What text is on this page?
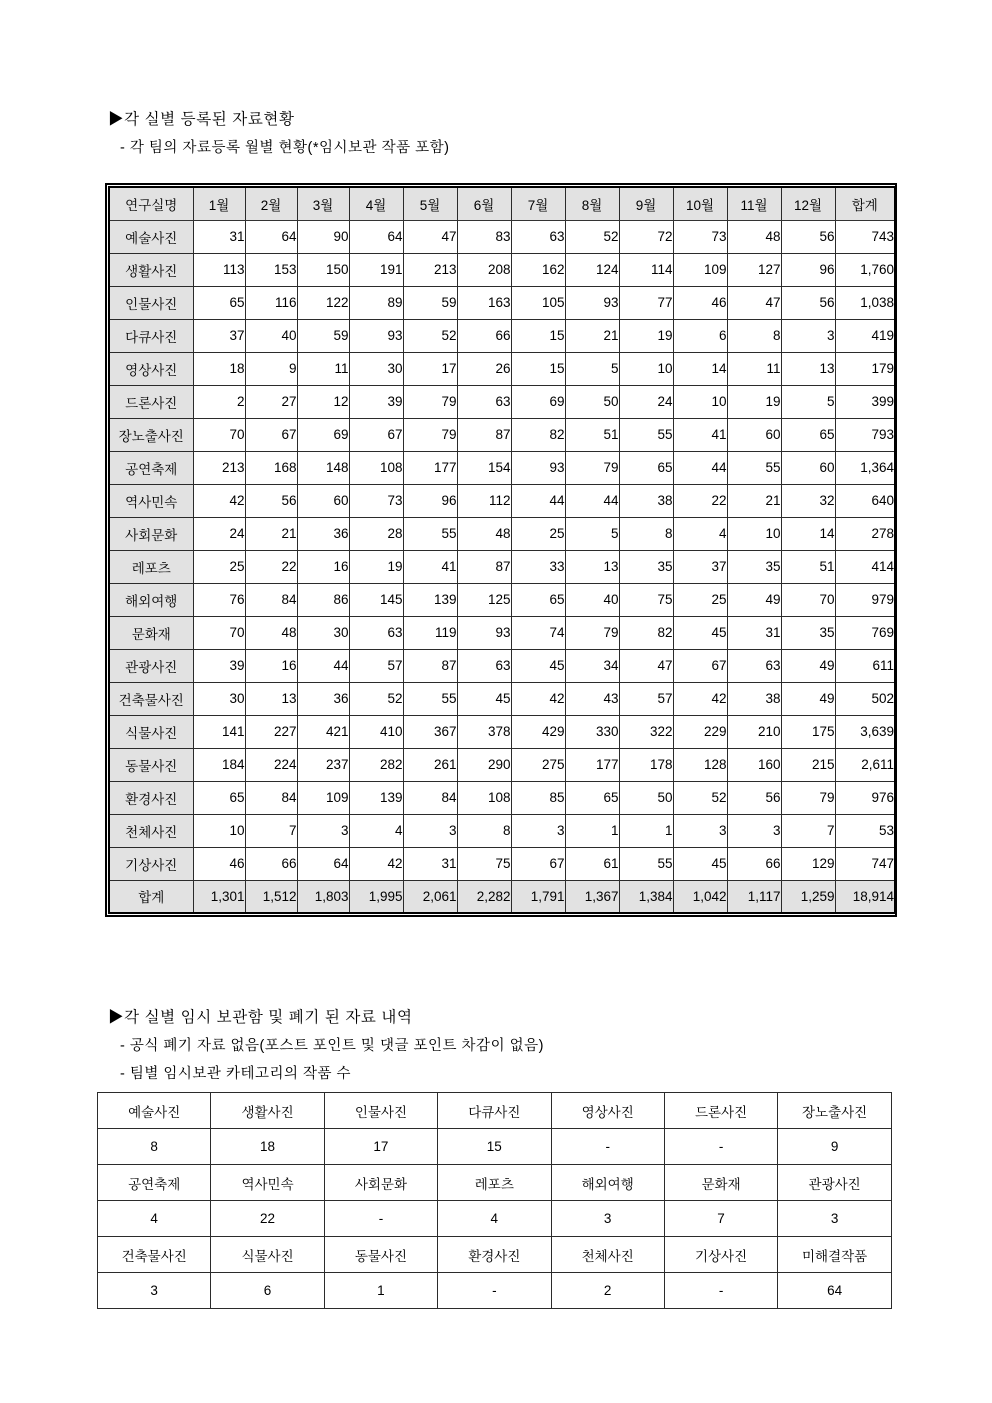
▶각 실별 등록된 자료현황
- 각 팀의 자료등록 월별 현황(*임시보관 작품 포함)
연구실명	1월	2월	3월	4월	5월	6월	7월	8월	9월	10월	11월	12월	합계
예술사진	31	64	90	64	47	83	63	52	72	73	48	56	743
생활사진	113	153	150	191	213	208	162	124	114	109	127	96	1,760
인물사진	65	116	122	89	59	163	105	93	77	46	47	56	1,038
다큐사진	37	40	59	93	52	66	15	21	19	6	8	3	419
영상사진	18	9	11	30	17	26	15	5	10	14	11	13	179
드론사진	2	27	12	39	79	63	69	50	24	10	19	5	399
장노출사진	70	67	69	67	79	87	82	51	55	41	60	65	793
공연축제	213	168	148	108	177	154	93	79	65	44	55	60	1,364
역사민속	42	56	60	73	96	112	44	44	38	22	21	32	640
사회문화	24	21	36	28	55	48	25	5	8	4	10	14	278
레포츠	25	22	16	19	41	87	33	13	35	37	35	51	414
해외여행	76	84	86	145	139	125	65	40	75	25	49	70	979
문화재	70	48	30	63	119	93	74	79	82	45	31	35	769
관광사진	39	16	44	57	87	63	45	34	47	67	63	49	611
건축물사진	30	13	36	52	55	45	42	43	57	42	38	49	502
식물사진	141	227	421	410	367	378	429	330	322	229	210	175	3,639
동물사진	184	224	237	282	261	290	275	177	178	128	160	215	2,611
환경사진	65	84	109	139	84	108	85	65	50	52	56	79	976
천체사진	10	7	3	4	3	8	3	1	1	3	3	7	53
기상사진	46	66	64	42	31	75	67	61	55	45	66	129	747
합계	1,301	1,512	1,803	1,995	2,061	2,282	1,791	1,367	1,384	1,042	1,117	1,259	18,914
▶각 실별 임시 보관함 및 폐기 된 자료 내역
- 공식 폐기 자료 없음(포스트 포인트 및 댓글 포인트 차감이 없음)
- 팀별 임시보관 카테고리의 작품 수
예술사진	생활사진	인물사진	다큐사진	영상사진	드론사진	장노출사진
8	18	17	15	-	-	9
공연축제	역사민속	사회문화	레포츠	해외여행	문화재	관광사진
4	22	-	4	3	7	3
건축물사진	식물사진	동물사진	환경사진	천체사진	기상사진	미해결작품
3	6	1	-	2	-	64
